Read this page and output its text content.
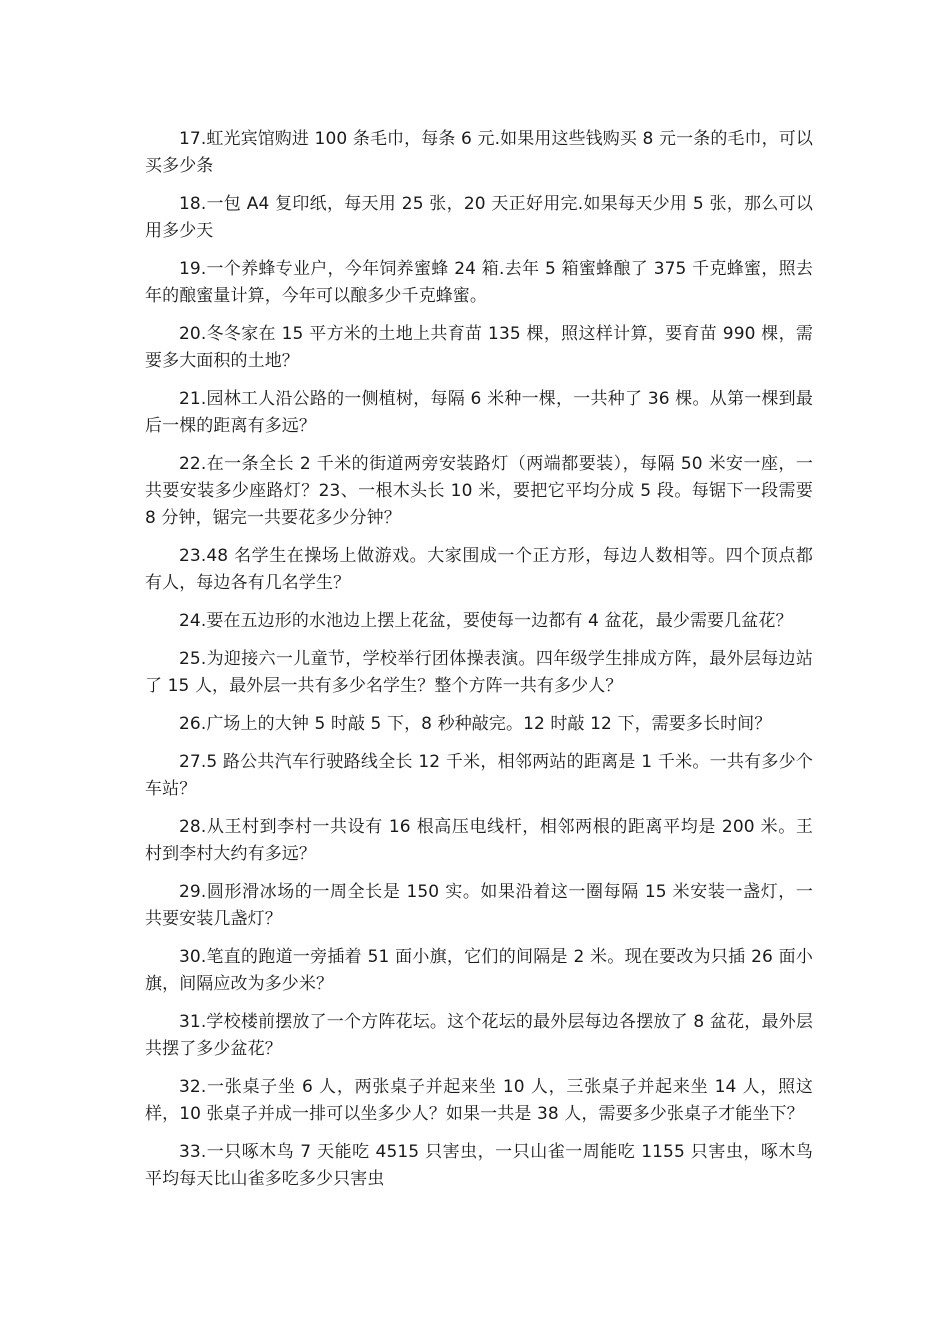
17.虹光宾馆购进 100 条毛巾，每条 6 元.如果用这些钱购买 8 元一条的毛巾，可以买多少条

18.一包 A4 复印纸，每天用 25 张，20 天正好用完.如果每天少用 5 张，那么可以用多少天

19.一个养蜂专业户，今年饲养蜜蜂 24 箱.去年 5 箱蜜蜂酿了 375 千克蜂蜜，照去年的酿蜜量计算，今年可以酿多少千克蜂蜜。

20.冬冬家在 15 平方米的土地上共育苗 135 棵，照这样计算，要育苗 990 棵，需要多大面积的土地？

21.园林工人沿公路的一侧植树，每隔 6 米种一棵，一共种了 36 棵。从第一棵到最后一棵的距离有多远？

22.在一条全长 2 千米的街道两旁安装路灯（两端都要装），每隔 50 米安一座，一共要安装多少座路灯？23、一根木头长 10 米，要把它平均分成 5 段。每锯下一段需要 8 分钟，锯完一共要花多少分钟？

23.48 名学生在操场上做游戏。大家围成一个正方形，每边人数相等。四个顶点都有人，每边各有几名学生？

24.要在五边形的水池边上摆上花盆，要使每一边都有 4 盆花，最少需要几盆花？

25.为迎接六一儿童节，学校举行团体操表演。四年级学生排成方阵，最外层每边站了 15 人，最外层一共有多少名学生？整个方阵一共有多少人？

26.广场上的大钟 5 时敲 5 下，8 秒种敲完。12 时敲 12 下，需要多长时间？

27.5 路公共汽车行驶路线全长 12 千米，相邻两站的距离是 1 千米。一共有多少个车站？

28.从王村到李村一共设有 16 根高压电线杆，相邻两根的距离平均是 200 米。王村到李村大约有多远？

29.圆形滑冰场的一周全长是 150 实。如果沿着这一圈每隔 15 米安装一盏灯，一共要安装几盏灯？

30.笔直的跑道一旁插着 51 面小旗，它们的间隔是 2 米。现在要改为只插 26 面小旗，间隔应改为多少米？

31.学校楼前摆放了一个方阵花坛。这个花坛的最外层每边各摆放了 8 盆花，最外层共摆了多少盆花？

32.一张桌子坐 6 人，两张桌子并起来坐 10 人，三张桌子并起来坐 14 人，照这样，10 张桌子并成一排可以坐多少人？如果一共是 38 人，需要多少张桌子才能坐下？

33.一只啄木鸟 7 天能吃 4515 只害虫，一只山雀一周能吃 1155 只害虫，啄木鸟平均每天比山雀多吃多少只害虫
